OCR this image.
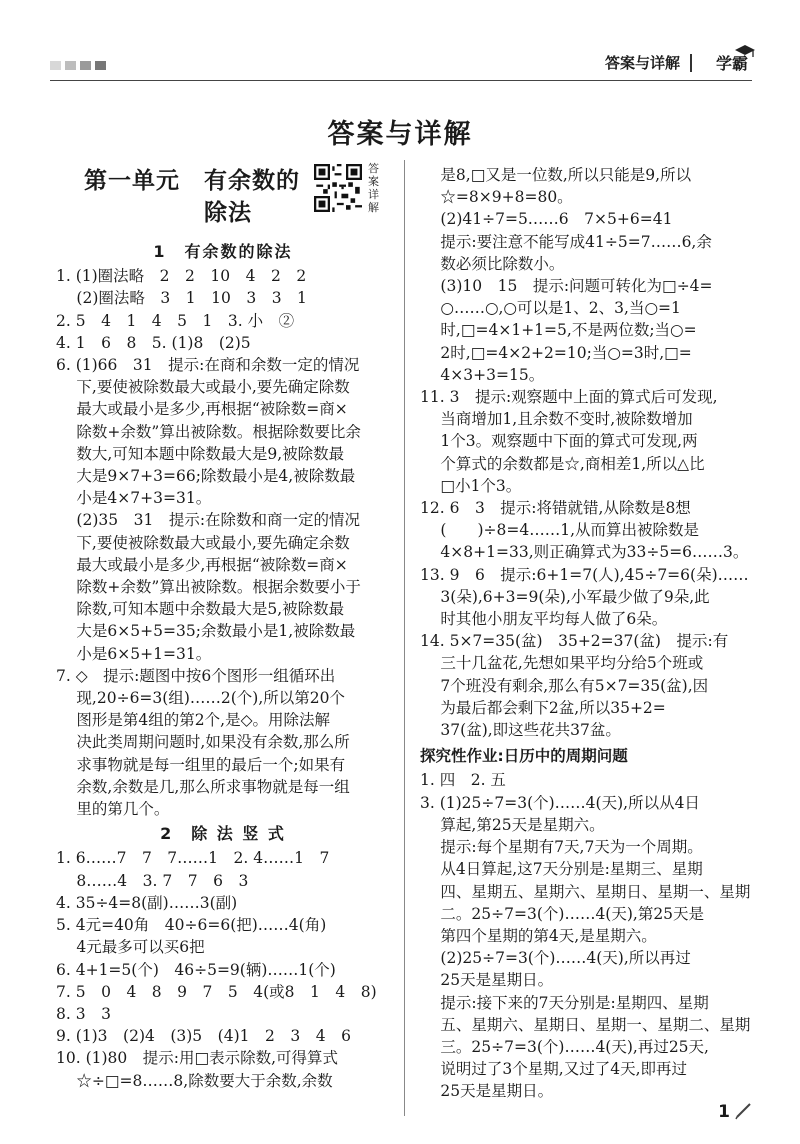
答案与详解 学霸
答案与详解
第一单元　有余数的
除法
答案详解
1　有余数的除法
1. (1)圈法略　2　2　10　4　2　2
　 (2)圈法略　3　1　10　3　3　1
2. 5　4　1　4　5　1　3. 小　②
4. 1　6　8　5. (1)8　(2)5
6. (1)66　31　提示:在商和余数一定的情况
　 下,要使被除数最大或最小,要先确定除数
　 最大或最小是多少,再根据“被除数=商×
　 除数+余数”算出被除数。根据除数要比余
　 数大,可知本题中除数最大是9,被除数最
　 大是9×7+3=66;除数最小是4,被除数最
　 小是4×7+3=31。
　 (2)35　31　提示:在除数和商一定的情况
　 下,要使被除数最大或最小,要先确定余数
　 最大或最小是多少,再根据“被除数=商×
　 除数+余数”算出被除数。根据余数要小于
　 除数,可知本题中余数最大是5,被除数最
　 大是6×5+5=35;余数最小是1,被除数最
　 小是6×5+1=31。
7. ◇　提示:题图中按6个图形一组循环出
　 现,20÷6=3(组)……2(个),所以第20个
　 图形是第4组的第2个,是◇。用除法解
　 决此类周期问题时,如果没有余数,那么所
　 求事物就是每一组里的最后一个;如果有
　 余数,余数是几,那么所求事物就是每一组
　 里的第几个。
2　除 法 竖 式
1. 6……7　7　7……1　2. 4……1　7
　 8……4　3. 7　7　6　3
4. 35÷4=8(副)……3(副)
5. 4元=40角　40÷6=6(把)……4(角)
　 4元最多可以买6把
6. 4+1=5(个)　46÷5=9(辆)……1(个)
7. 5　0　4　8　9　7　5　4(或8　1　4　8)
8. 3　3
9. (1)3　(2)4　(3)5　(4)1　2　3　4　6
10. (1)80　提示:用□表示除数,可得算式
　 ☆÷□=8……8,除数要大于余数,余数
　 是8,□又是一位数,所以只能是9,所以
　 ☆=8×9+8=80。
　 (2)41÷7=5……6　7×5+6=41
　 提示:要注意不能写成41÷5=7……6,余
　 数必须比除数小。
　 (3)10　15　提示:问题可转化为□÷4=
　 ○……○,○可以是1、2、3,当○=1
　 时,□=4×1+1=5,不是两位数;当○=
　 2时,□=4×2+2=10;当○=3时,□=
　 4×3+3=15。
11. 3　提示:观察题中上面的算式后可发现,
　 当商增加1,且余数不变时,被除数增加
　 1个3。观察题中下面的算式可发现,两
　 个算式的余数都是☆,商相差1,所以△比
　 □小1个3。
12. 6　3　提示:将错就错,从除数是8想
　 (　　)÷8=4……1,从而算出被除数是
　 4×8+1=33,则正确算式为33÷5=6……3。
13. 9　6　提示:6+1=7(人),45÷7=6(朵)……
　 3(朵),6+3=9(朵),小军最少做了9朵,此
　 时其他小朋友平均每人做了6朵。
14. 5×7=35(盆)　35+2=37(盆)　提示:有
　 三十几盆花,先想如果平均分给5个班或
　 7个班没有剩余,那么有5×7=35(盆),因
　 为最后都会剩下2盆,所以35+2=
　 37(盆),即这些花共37盆。
探究性作业:日历中的周期问题
1. 四　2. 五
3. (1)25÷7=3(个)……4(天),所以从4日
　 算起,第25天是星期六。
　 提示:每个星期有7天,7天为一个周期。
　 从4日算起,这7天分别是:星期三、星期
　 四、星期五、星期六、星期日、星期一、星期
　 二。25÷7=3(个)……4(天),第25天是
　 第四个星期的第4天,是星期六。
　 (2)25÷7=3(个)……4(天),所以再过
　 25天是星期日。
　 提示:接下来的7天分别是:星期四、星期
　 五、星期六、星期日、星期一、星期二、星期
　 三。25÷7=3(个)……4(天),再过25天,
　 说明过了3个星期,又过了4天,即再过
　 25天是星期日。
1
